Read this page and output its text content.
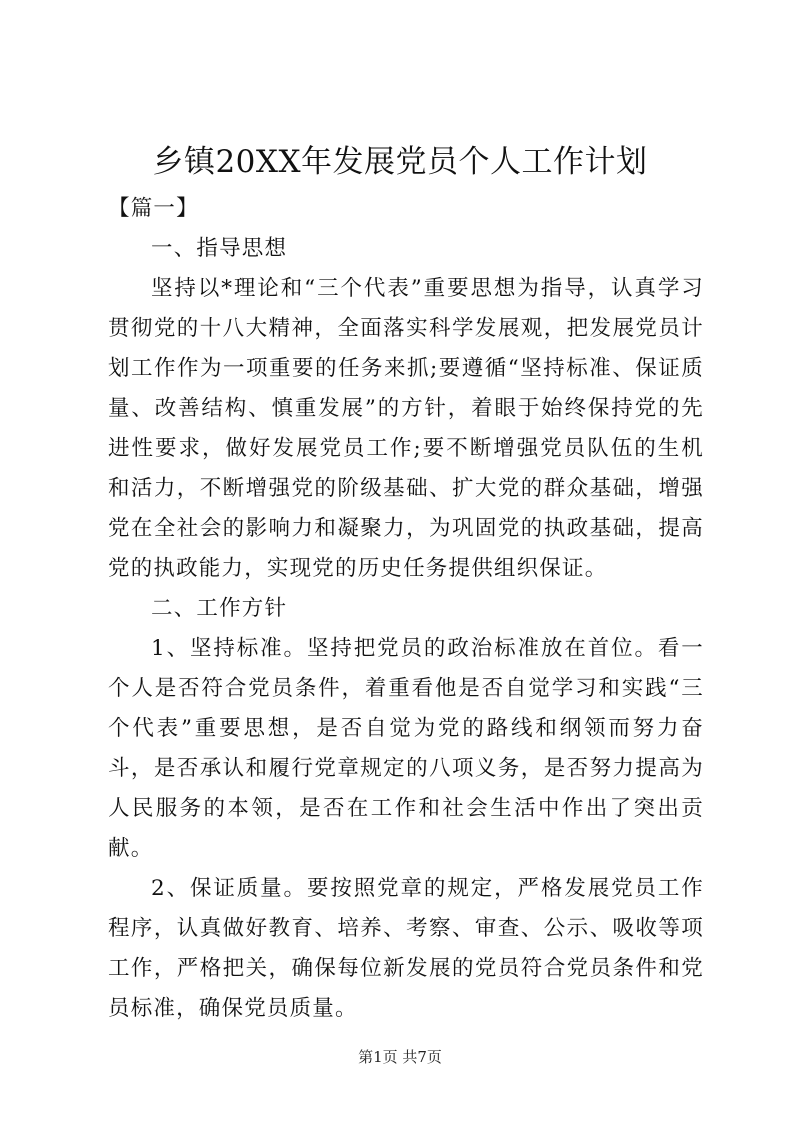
乡镇20XX年发展党员个人工作计划

【篇一】

一、指导思想

坚持以*理论和“三个代表”重要思想为指导，认真学习贯彻党的十八大精神，全面落实科学发展观，把发展党员计划工作作为一项重要的任务来抓;要遵循“坚持标准、保证质量、改善结构、慎重发展”的方针，着眼于始终保持党的先进性要求，做好发展党员工作;要不断增强党员队伍的生机和活力，不断增强党的阶级基础、扩大党的群众基础，增强党在全社会的影响力和凝聚力，为巩固党的执政基础，提高党的执政能力，实现党的历史任务提供组织保证。

二、工作方针

1、坚持标准。坚持把党员的政治标准放在首位。看一个人是否符合党员条件，着重看他是否自觉学习和实践“三个代表”重要思想，是否自觉为党的路线和纲领而努力奋斗，是否承认和履行党章规定的八项义务，是否努力提高为人民服务的本领，是否在工作和社会生活中作出了突出贡献。

2、保证质量。要按照党章的规定，严格发展党员工作程序，认真做好教育、培养、考察、审查、公示、吸收等项工作，严格把关，确保每位新发展的党员符合党员条件和党员标准，确保党员质量。

第1页 共7页
